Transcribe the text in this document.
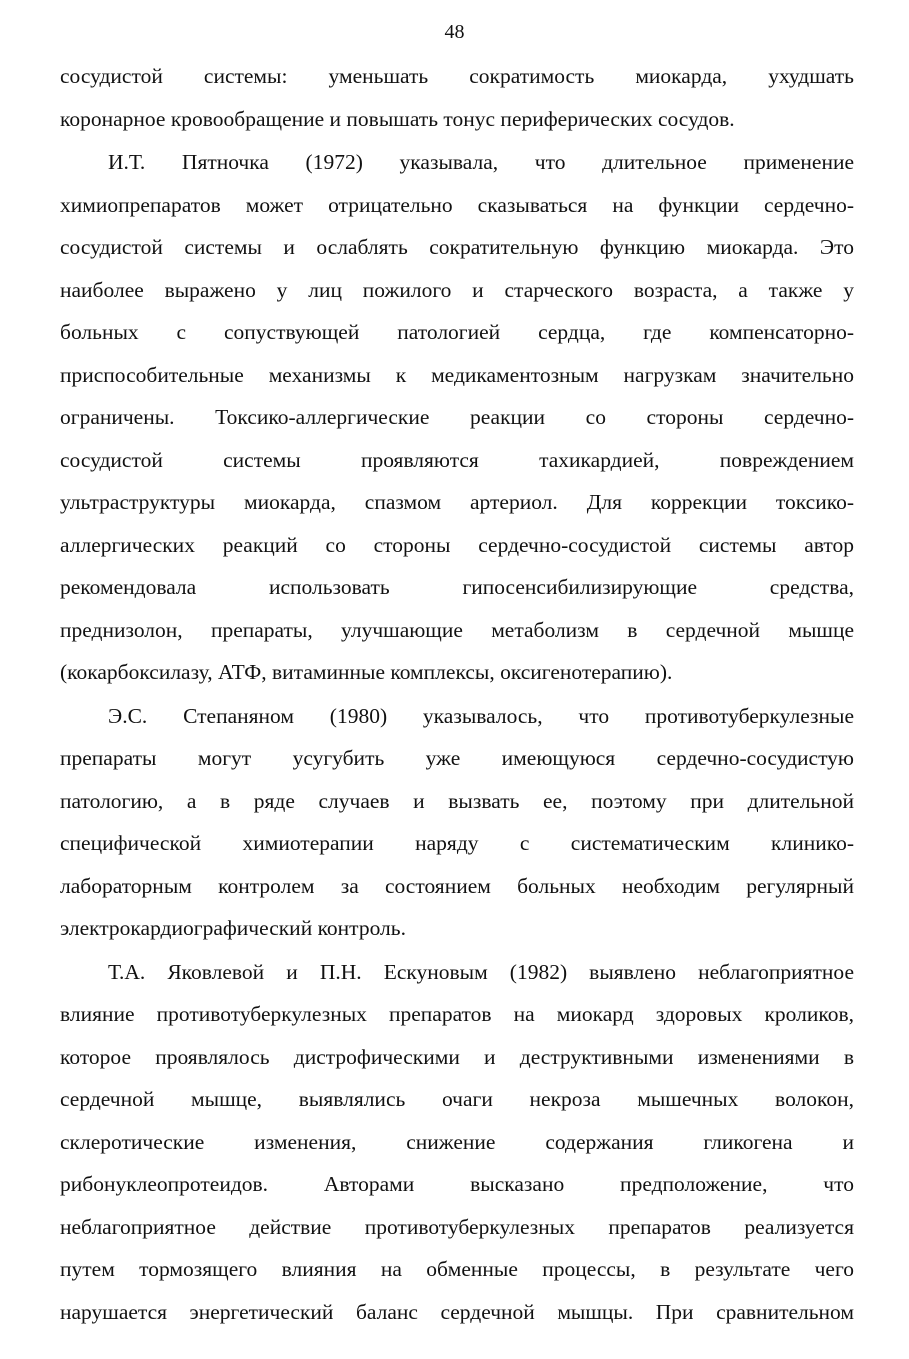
48
сосудистой системы: уменьшать сократимость миокарда, ухудшать
коронарное кровообращение и повышать тонус периферических сосудов.
И.Т. Пятночка (1972) указывала, что длительное применение
химиопрепаратов может отрицательно сказываться на функции сердечно-
сосудистой системы и ослаблять сократительную функцию миокарда. Это
наиболее выражено у лиц пожилого и старческого возраста, а также у
больных с сопуствующей патологией сердца, где компенсаторно-
приспособительные механизмы к медикаментозным нагрузкам значительно
ограничены. Токсико-аллергические реакции со стороны сердечно-
сосудистой системы проявляются тахикардией, повреждением
ультраструктуры миокарда, спазмом артериол. Для коррекции токсико-
аллергических реакций со стороны сердечно-сосудистой системы автор
рекомендовала использовать гипосенсибилизирующие средства,
преднизолон, препараты, улучшающие метаболизм в сердечной мышце
(кокарбоксилазу, АТФ, витаминные комплексы, оксигенотерапию).
Э.С. Степаняном (1980) указывалось, что противотуберкулезные
препараты могут усугубить уже имеющуюся сердечно-сосудистую
патологию, а в ряде случаев и вызвать ее, поэтому при длительной
специфической химиотерапии наряду с систематическим клинико-
лабораторным контролем за состоянием больных необходим регулярный
электрокардиографический контроль.
Т.А. Яковлевой и П.Н. Ескуновым (1982) выявлено неблагоприятное
влияние противотуберкулезных препаратов на миокард здоровых кроликов,
которое проявлялось дистрофическими и деструктивными изменениями в
сердечной мышце, выявлялись очаги некроза мышечных волокон,
склеротические изменения, снижение содержания гликогена и
рибонуклеопротеидов. Авторами высказано предположение, что
неблагоприятное действие противотуберкулезных препаратов реализуется
путем тормозящего влияния на обменные процессы, в результате чего
нарушается энергетический баланс сердечной мышцы. При сравнительном
